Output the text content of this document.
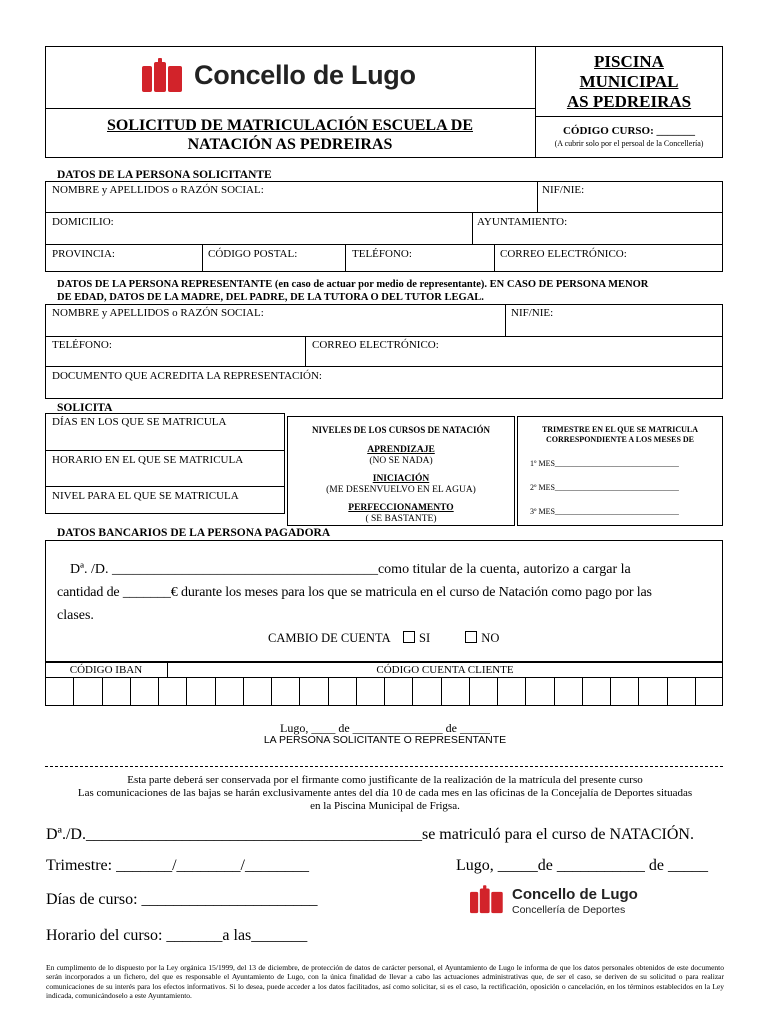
Concello de Lugo	PISCINA
MUNICIPAL
AS PEDREIRAS
SOLICITUD DE MATRICULACIÓN ESCUELA DE
NATACIÓN AS PEDREIRAS
CÓDIGO CURSO: _______
(A cubrir solo por el persoal de la Concellería)
DATOS DE LA PERSONA SOLICITANTE
NOMBRE y APELLIDOS o RAZÓN SOCIAL:	NIF/NIE:
DOMICILIO:	AYUNTAMIENTO:
PROVINCIA:	CÓDIGO POSTAL:	TELÉFONO:	CORREO ELECTRÓNICO:
DATOS DE LA PERSONA REPRESENTANTE (en caso de actuar por medio de representante). EN CASO DE PERSONA MENOR
DE EDAD, DATOS DE LA MADRE, DEL PADRE, DE LA TUTORA O DEL TUTOR LEGAL.
NOMBRE y APELLIDOS o RAZÓN SOCIAL:	NIF/NIE:
TELÉFONO:	CORREO ELECTRÓNICO:
DOCUMENTO QUE ACREDITA LA REPRESENTACIÓN:
SOLICITA
DÍAS EN LOS QUE SE MATRICULA
HORARIO EN EL QUE SE MATRICULA
NIVEL PARA EL QUE SE MATRICULA
NIVELES DE LOS CURSOS DE NATACIÓN
APRENDIZAJE
(NO SE NADA)
INICIACIÓN
(ME DESENVUELVO EN EL AGUA)
PERFECCIONAMENTO
( SE BASTANTE)
TRIMESTRE EN EL QUE SE MATRICULA
CORRESPONDIENTE A LOS MESES DE
1º MES_______________________________
2º MES_______________________________
3º MES_______________________________
DATOS BANCARIOS DE LA PERSONA PAGADORA
Dª. /D. ______________________________________como titular de la cuenta, autorizo a cargar la
cantidad de _______€ durante los meses para los que se matricula en el curso de Natación como pago por las
clases.
CAMBIO DE CUENTA SI	NO
CÓDIGO IBAN	CÓDIGO CUENTA CLIENTE
Lugo, ____ de _______________ de _____
LA PERSONA SOLICITANTE O REPRESENTANTE
Esta parte deberá ser conservada por el firmante como justificante de la realización de la matrícula del presente curso
Las comunicaciones de las bajas se harán exclusivamente antes del día 10 de cada mes en las oficinas de la Concejalía de Deportes situadas
en la Piscina Municipal de Frigsa.
Dª./D.__________________________________________se matriculó para el curso de NATACIÓN.
Trimestre: _______/________/________	Lugo, _____de ___________ de _____
Días de curso: ______________________
Horario del curso: _______a las_______
Concello de Lugo
Concellería de Deportes
En cumplimento de lo dispuesto por la Ley orgánica 15/1999, del 13 de diciembre, de protección de datos de carácter personal, el Ayuntamiento de Lugo le informa de que los datos personales obtenidos de este documento serán incorporados a un fichero, del que es responsable el Ayuntamiento de Lugo, con la única finalidad de llevar a cabo las actuaciones administrativas que, de ser el caso, se deriven de su solicitud o para realizar comunicaciones de su interés para los efectos informativos. Si lo desea, puede acceder a los datos facilitados, así como solicitar, si es el caso, la rectificación, oposición o cancelación, en los términos establecidos en la Ley indicada, comunicándoselo a este Ayuntamiento.
